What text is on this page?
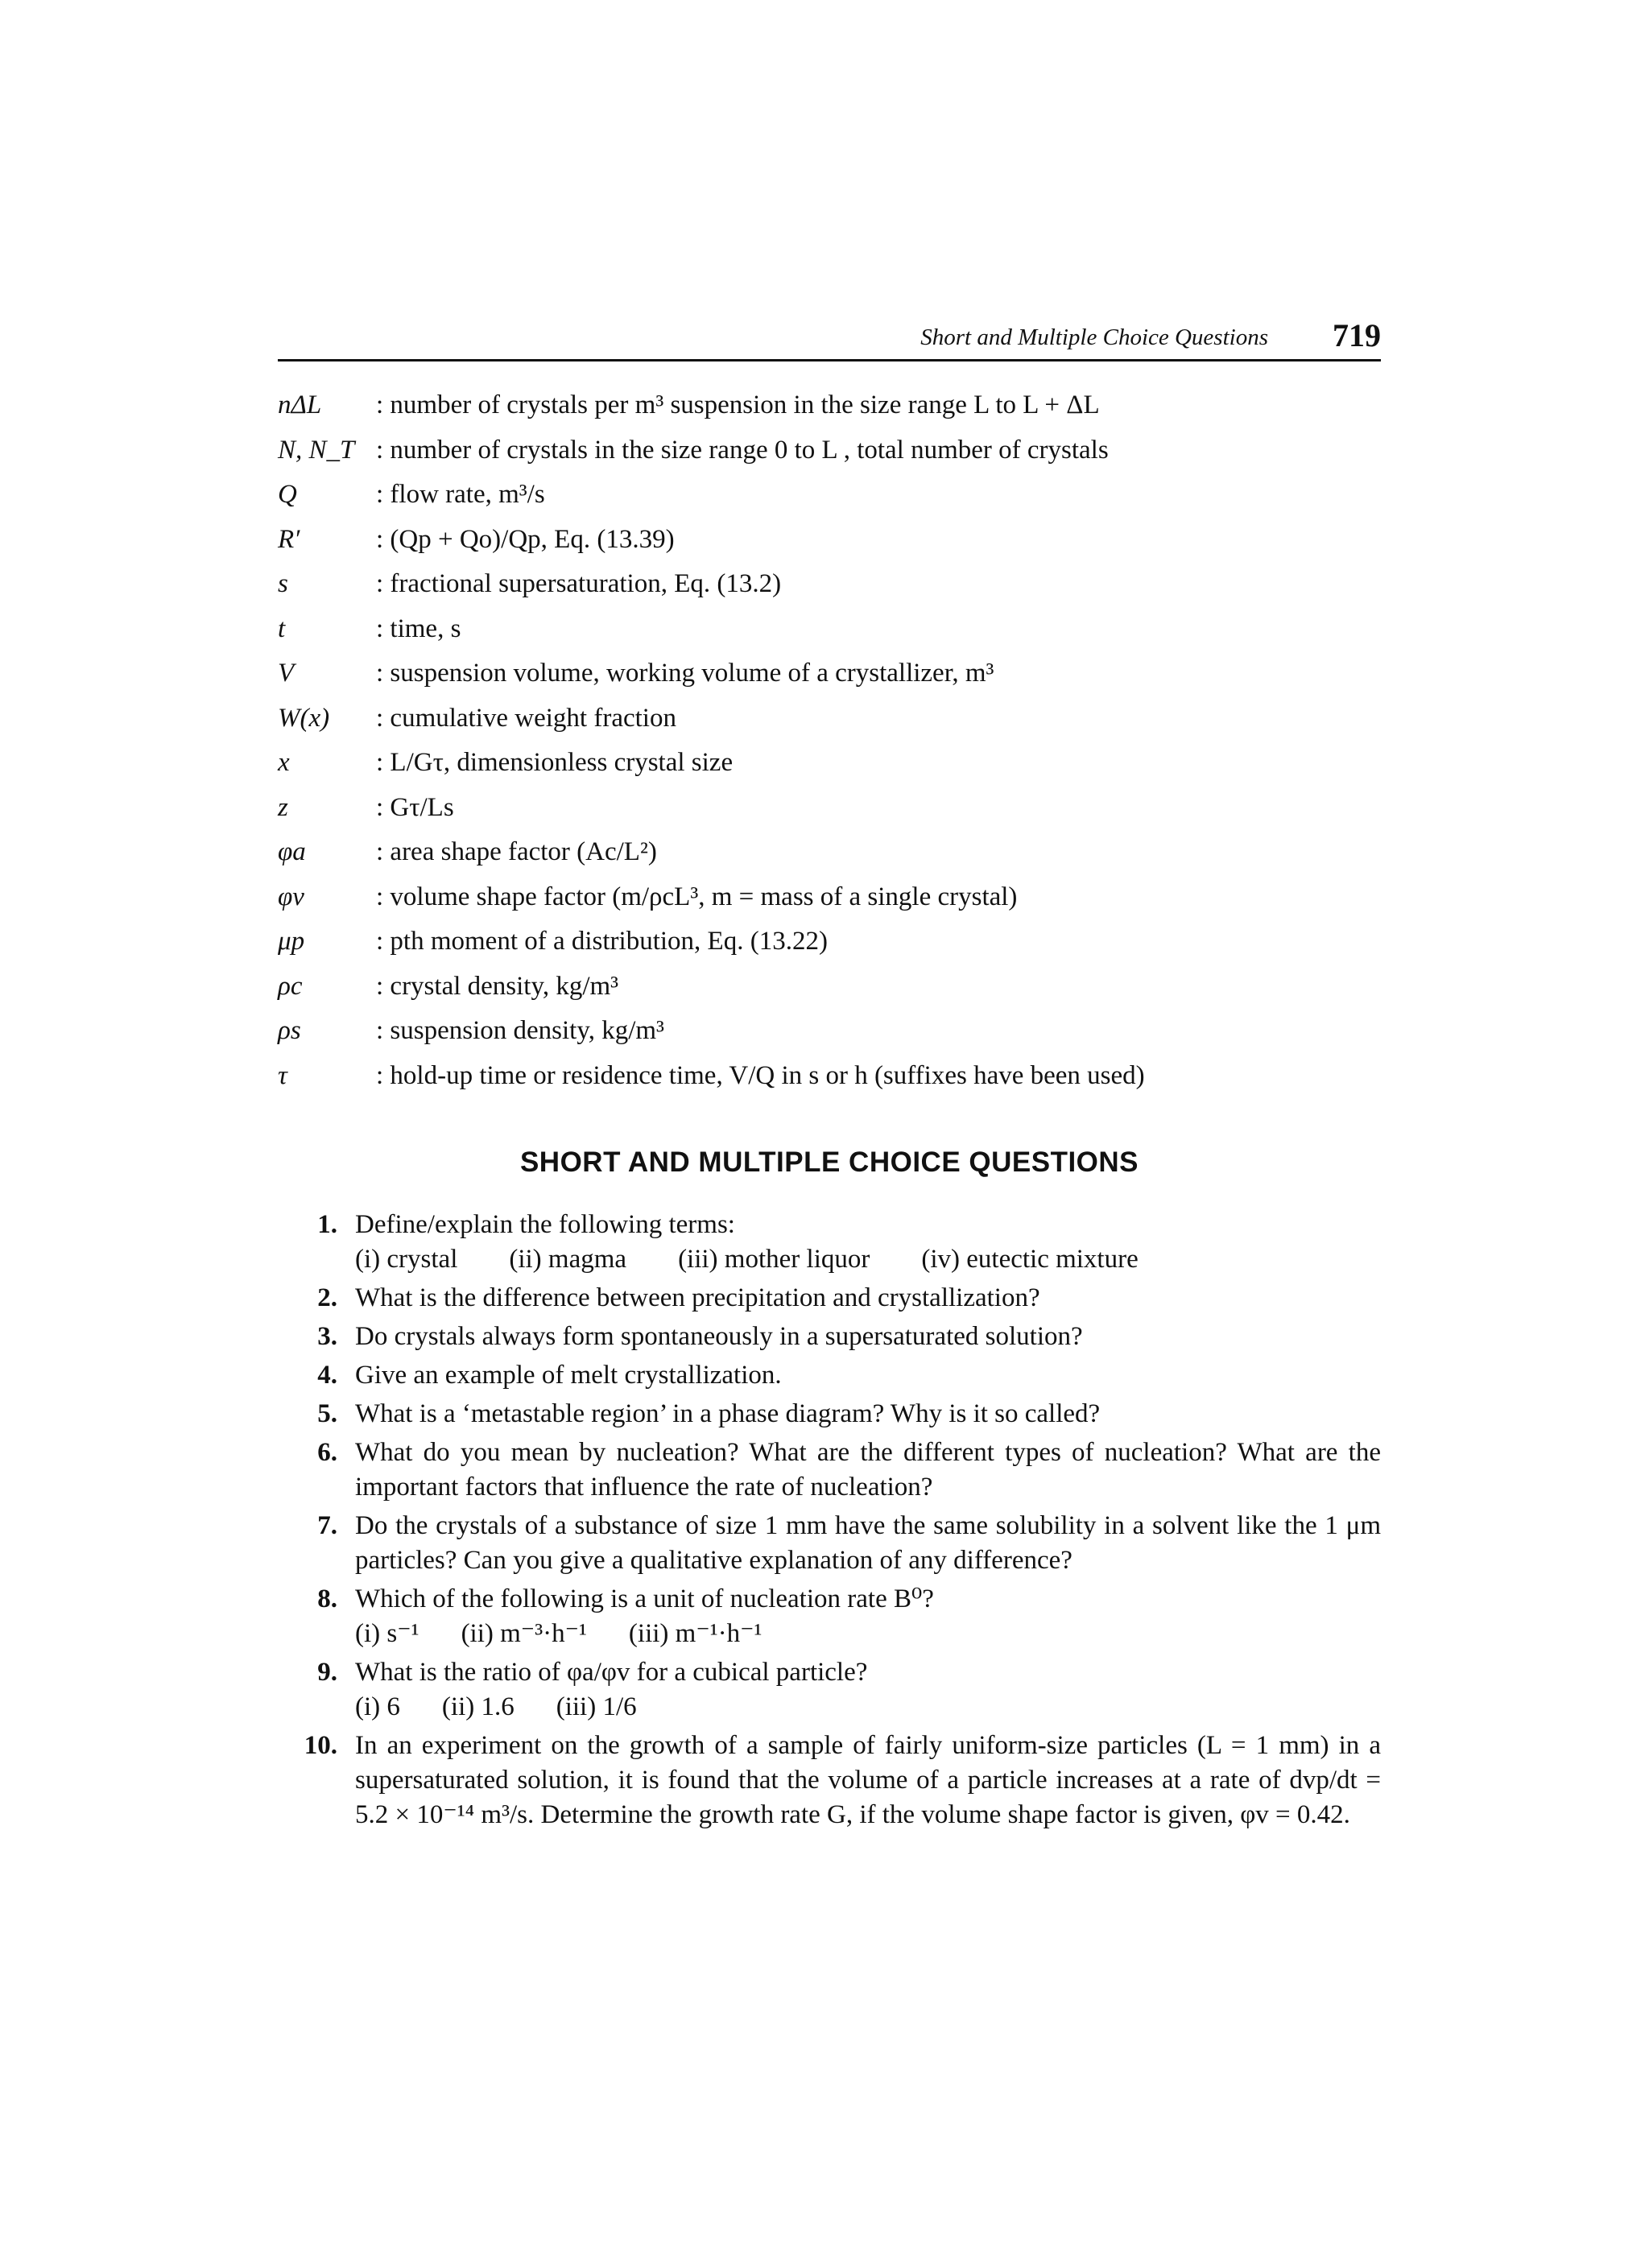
Short and Multiple Choice Questions 719
nΔL	: number of crystals per m³ suspension in the size range L to L + ΔL
N, N_T : number of crystals in the size range 0 to L , total number of crystals
Q	: flow rate, m³/s
R′	: (Qp + Qo)/Qp, Eq. (13.39)
s	: fractional supersaturation, Eq. (13.2)
t	: time, s
V	: suspension volume, working volume of a crystallizer, m³
W(x)	: cumulative weight fraction
x	: L/Gτ, dimensionless crystal size
z	: Gτ/Ls
φa	: area shape factor (Ac/L²)
φv	: volume shape factor (m/ρcL³, m = mass of a single crystal)
μp	: pth moment of a distribution, Eq. (13.22)
ρc	: crystal density, kg/m³
ρs	: suspension density, kg/m³
τ	: hold-up time or residence time, V/Q in s or h (suffixes have been used)
SHORT AND MULTIPLE CHOICE QUESTIONS
1. Define/explain the following terms:
(i) crystal (ii) magma (iii) mother liquor (iv) eutectic mixture
2. What is the difference between precipitation and crystallization?
3. Do crystals always form spontaneously in a supersaturated solution?
4. Give an example of melt crystallization.
5. What is a ‘metastable region’ in a phase diagram? Why is it so called?
6. What do you mean by nucleation? What are the different types of nucleation? What are the important factors that influence the rate of nucleation?
7. Do the crystals of a substance of size 1 mm have the same solubility in a solvent like the 1 μm particles? Can you give a qualitative explanation of any difference?
8. Which of the following is a unit of nucleation rate B⁰?
(i) s⁻¹ (ii) m⁻³·h⁻¹ (iii) m⁻¹·h⁻¹
9. What is the ratio of φa/φv for a cubical particle?
(i) 6 (ii) 1.6 (iii) 1/6
10. In an experiment on the growth of a sample of fairly uniform-size particles (L = 1 mm) in a supersaturated solution, it is found that the volume of a particle increases at a rate of dvp/dt = 5.2 × 10⁻¹⁴ m³/s. Determine the growth rate G, if the volume shape factor is given, φv = 0.42.
